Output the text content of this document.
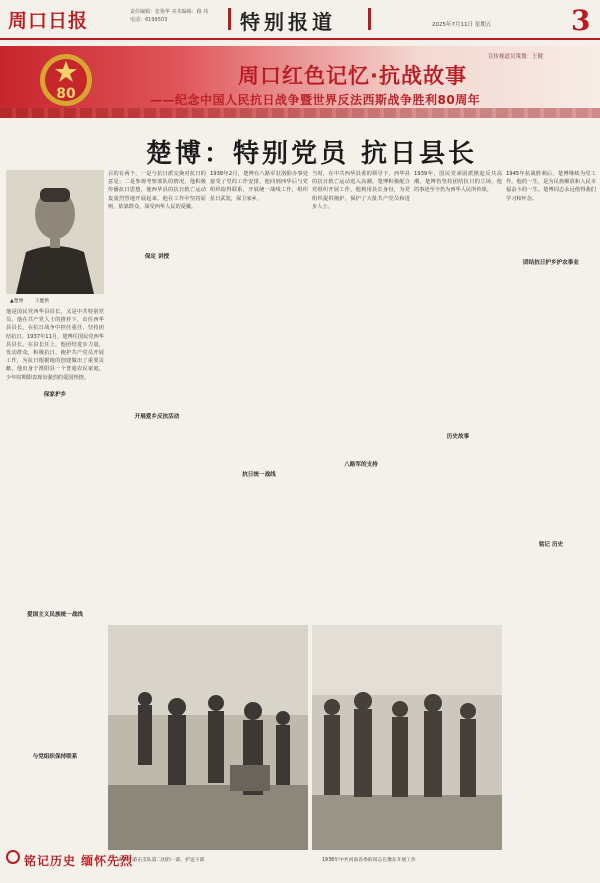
周口日报	责任编辑：张艳华 美术编辑：路 玮
电话：6199503	特别报道	2025年7月11日 星期五	3
80
宣传视道员策划：王健
周口红色记忆·抗战故事
——纪念中国人民抗日战争暨世界反法西斯战争胜利80周年
楚博：特别党员 抗日县长
▲楚博 王健供

他是国民党西华县县长，又是中共特别党员。他在共产党人士的推荐下，出任西华县县长，在抗日战争中担任重任，坚持团结抗日。1937年11月，楚博任国民党西华县县长，在县长任上，他团结进步力量，发动群众，积极抗日，掩护共产党员开展工作，为抗日根据地的创建做出了重要贡献。他出身于淮阳县一个普通农民家庭，少年时期即表现出强烈的爱国热情。

保家护乡
爱国主义民族统一战线
与党组织保持联系

目的有两个，一是与抗日派交换对抗日的意见；二是参观考察部队的情况。他积极传播抗日思想，使西华县的抗日救亡运动轰轰烈烈地开展起来。他在工作中坚持原则，依靠群众，深受西华人民的爱戴。

保定 讲授
开展爱乡反抗活动

1938年2月，楚博在八路军驻洛阳办事处接受了党的工作安排，他回到西华后与党组织取得联系，开展统一战线工作，组织抗日武装，保卫家乡。

抗日统一战线

当时，在中共西华县委的领导下，西华县的抗日救亡运动进入高潮。楚博积极配合党组织开展工作，他利用县长身份，为党组织提供掩护，保护了大批共产党员和进步人士。

八路军的支持

1939年，国民党顽固派掀起反共高潮，楚博仍坚持团结抗日的立场，他的事迹至今仍为西华人民所传颂。

历史故事

1945年抗战胜利后，楚博继续为党工作。他的一生，是为民族解放和人民幸福奋斗的一生。楚博同志永远值得我们学习和怀念。

团结抗日护乡护农事业
铭记 历史
新四军游击支队第二团的一部，护送干部	1938年中共河南省委的同志在豫东开展工作
铭记历史 缅怀先烈
